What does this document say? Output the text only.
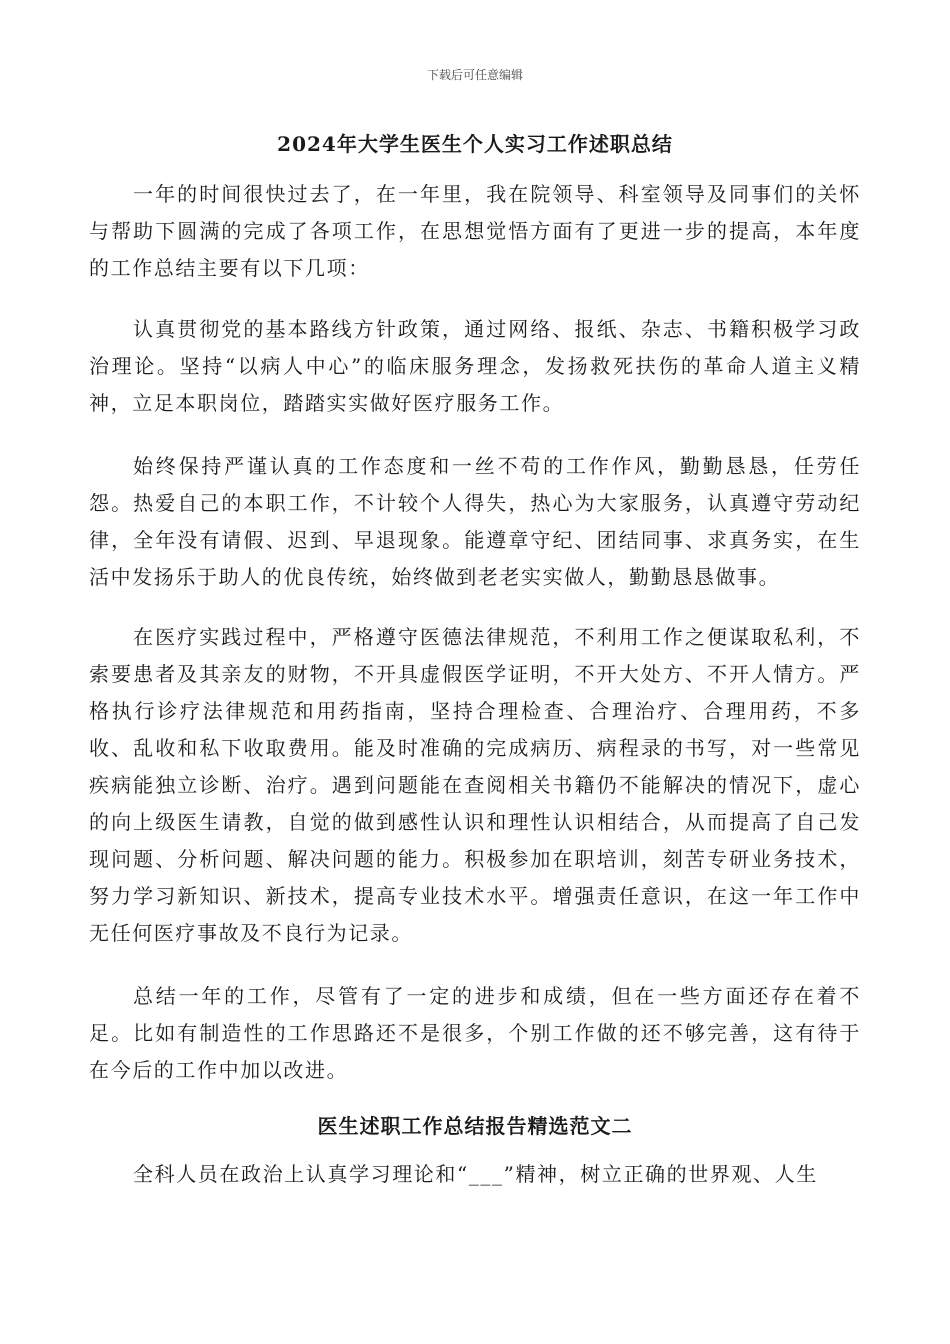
下载后可任意编辑
2024年大学生医生个人实习工作述职总结
一年的时间很快过去了，在一年里，我在院领导、科室领导及同事们的关怀与帮助下圆满的完成了各项工作，在思想觉悟方面有了更进一步的提高，本年度的工作总结主要有以下几项：
认真贯彻党的基本路线方针政策，通过网络、报纸、杂志、书籍积极学习政治理论。坚持“以病人中心”的临床服务理念，发扬救死扶伤的革命人道主义精神，立足本职岗位，踏踏实实做好医疗服务工作。
始终保持严谨认真的工作态度和一丝不苟的工作作风，勤勤恳恳，任劳任怨。热爱自己的本职工作，不计较个人得失，热心为大家服务，认真遵守劳动纪律，全年没有请假、迟到、早退现象。能遵章守纪、团结同事、求真务实，在生活中发扬乐于助人的优良传统，始终做到老老实实做人，勤勤恳恳做事。
在医疗实践过程中，严格遵守医德法律规范，不利用工作之便谋取私利，不索要患者及其亲友的财物，不开具虚假医学证明，不开大处方、不开人情方。严格执行诊疗法律规范和用药指南，坚持合理检查、合理治疗、合理用药，不多收、乱收和私下收取费用。能及时准确的完成病历、病程录的书写，对一些常见疾病能独立诊断、治疗。遇到问题能在查阅相关书籍仍不能解决的情况下，虚心的向上级医生请教，自觉的做到感性认识和理性认识相结合，从而提高了自己发现问题、分析问题、解决问题的能力。积极参加在职培训，刻苦专研业务技术，努力学习新知识、新技术，提高专业技术水平。增强责任意识，在这一年工作中无任何医疗事故及不良行为记录。
总结一年的工作，尽管有了一定的进步和成绩，但在一些方面还存在着不足。比如有制造性的工作思路还不是很多，个别工作做的还不够完善，这有待于在今后的工作中加以改进。
医生述职工作总结报告精选范文二
全科人员在政治上认真学习理论和“___”精神，树立正确的世界观、人生
